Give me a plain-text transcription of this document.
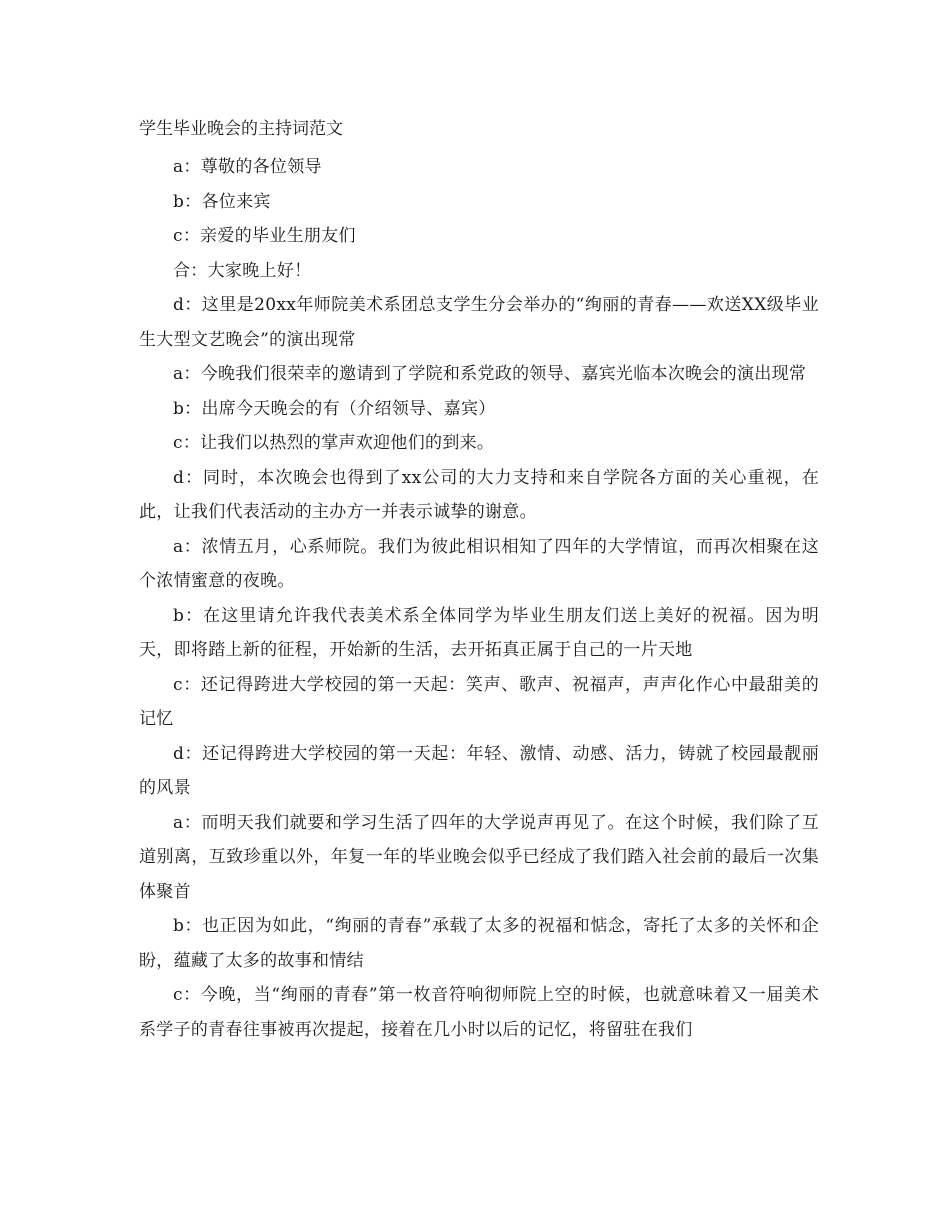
学生毕业晚会的主持词范文

a：尊敬的各位领导

b：各位来宾

c：亲爱的毕业生朋友们

合：大家晚上好！

d：这里是20xx年师院美术系团总支学生分会举办的“绚丽的青春——欢送XX级毕业生大型文艺晚会”的演出现常

a：今晚我们很荣幸的邀请到了学院和系党政的领导、嘉宾光临本次晚会的演出现常

b：出席今天晚会的有（介绍领导、嘉宾）

c：让我们以热烈的掌声欢迎他们的到来。

d：同时，本次晚会也得到了xx公司的大力支持和来自学院各方面的关心重视，在此，让我们代表活动的主办方一并表示诚挚的谢意。

a：浓情五月，心系师院。我们为彼此相识相知了四年的大学情谊，而再次相聚在这个浓情蜜意的夜晚。

b：在这里请允许我代表美术系全体同学为毕业生朋友们送上美好的祝福。因为明天，即将踏上新的征程，开始新的生活，去开拓真正属于自己的一片天地

c：还记得跨进大学校园的第一天起：笑声、歌声、祝福声，声声化作心中最甜美的记忆

d：还记得跨进大学校园的第一天起：年轻、激情、动感、活力，铸就了校园最靓丽的风景

a：而明天我们就要和学习生活了四年的大学说声再见了。在这个时候，我们除了互道别离，互致珍重以外，年复一年的毕业晚会似乎已经成了我们踏入社会前的最后一次集体聚首

b：也正因为如此，“绚丽的青春”承载了太多的祝福和惦念，寄托了太多的关怀和企盼，蕴藏了太多的故事和情结

c：今晚，当“绚丽的青春”第一枚音符响彻师院上空的时候，也就意味着又一届美术系学子的青春往事被再次提起，接着在几小时以后的记忆，将留驻在我们
